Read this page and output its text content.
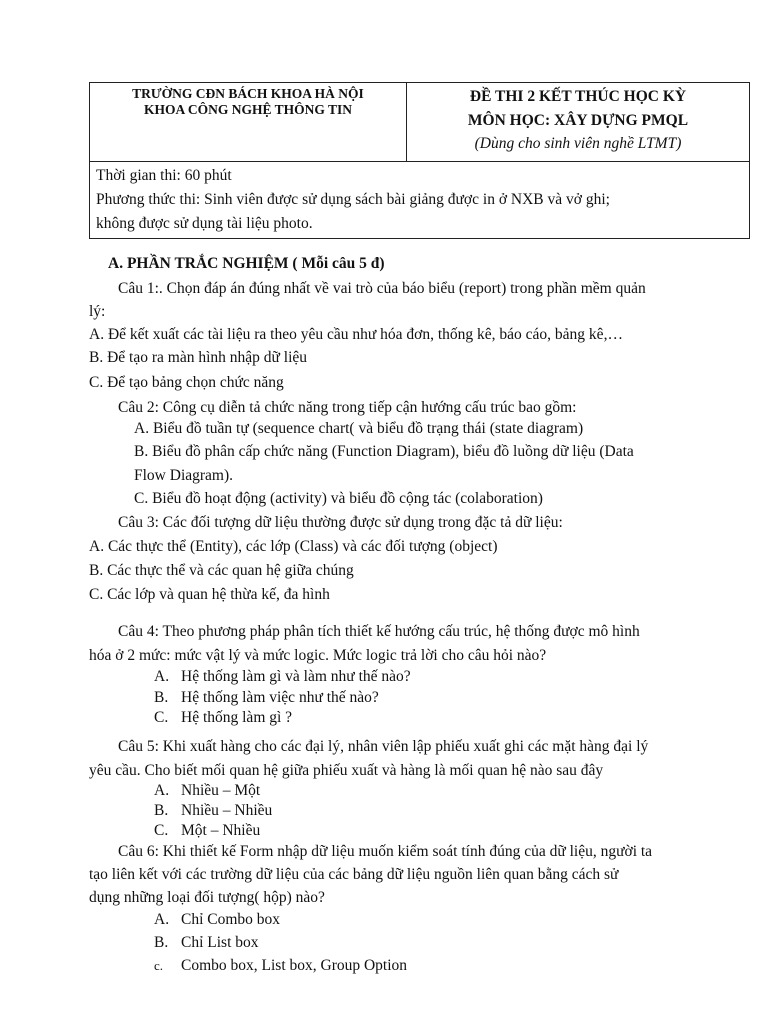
TRƯỜNG CĐN BÁCH KHOA HÀ NỘI
KHOA CÔNG NGHỆ THÔNG TIN
ĐỀ THI 2 KẾT THÚC HỌC KỲ
MÔN HỌC: XÂY DỰNG PMQL
(Dùng cho sinh viên nghề LTMT)
Thời gian thi: 60 phút
Phương thức thi: Sinh viên được sử dụng sách bài giảng được in ở NXB và vở ghi;
không được sử dụng tài liệu photo.
A. PHẦN TRẮC NGHIỆM ( Mỗi câu 5 đ)
Câu 1:. Chọn đáp án đúng nhất về vai trò của báo biểu (report) trong phần mềm quản
lý:
A. Để kết xuất các tài liệu ra theo yêu cầu như hóa đơn, thống kê, báo cáo, bảng kê,…
B. Để tạo ra màn hình nhập dữ liệu
C. Để tạo bảng chọn chức năng
Câu 2: Công cụ diễn tả chức năng trong tiếp cận hướng cấu trúc bao gồm:
A. Biểu đồ tuần tự (sequence chart( và biểu đồ trạng thái (state diagram)
B. Biểu đồ phân cấp chức năng (Function Diagram), biểu đồ luồng dữ liệu (Data
Flow Diagram).
C. Biểu đồ hoạt động (activity) và biểu đồ cộng tác (colaboration)
Câu 3: Các đối tượng dữ liệu thường được sử dụng trong đặc tả dữ liệu:
A. Các thực thể (Entity), các lớp (Class) và các đối tượng (object)
B. Các thực thể và các quan hệ giữa chúng
C. Các lớp và quan hệ thừa kế, đa hình
Câu 4: Theo phương pháp phân tích thiết kế hướng cấu trúc, hệ thống được mô hình
hóa ở 2 mức: mức vật lý và mức logic. Mức logic trả lời cho câu hỏi nào?
A. Hệ thống làm gì và làm như thế nào?
B. Hệ thống làm việc như thế nào?
C. Hệ thống làm gì ?
Câu 5: Khi xuất hàng cho các đại lý, nhân viên lập phiếu xuất ghi các mặt hàng đại lý
yêu cầu. Cho biết mối quan hệ giữa phiếu xuất và hàng là mối quan hệ nào sau đây
A. Nhiều – Một
B. Nhiều – Nhiều
C. Một – Nhiều
Câu 6: Khi thiết kế Form nhập dữ liệu muốn kiểm soát tính đúng của dữ liệu, người ta
tạo liên kết với các trường dữ liệu của các bảng dữ liệu nguồn liên quan bằng cách sử
dụng những loại đối tượng( hộp) nào?
A. Chỉ Combo box
B. Chỉ List box
c. Combo box, List box, Group Option
